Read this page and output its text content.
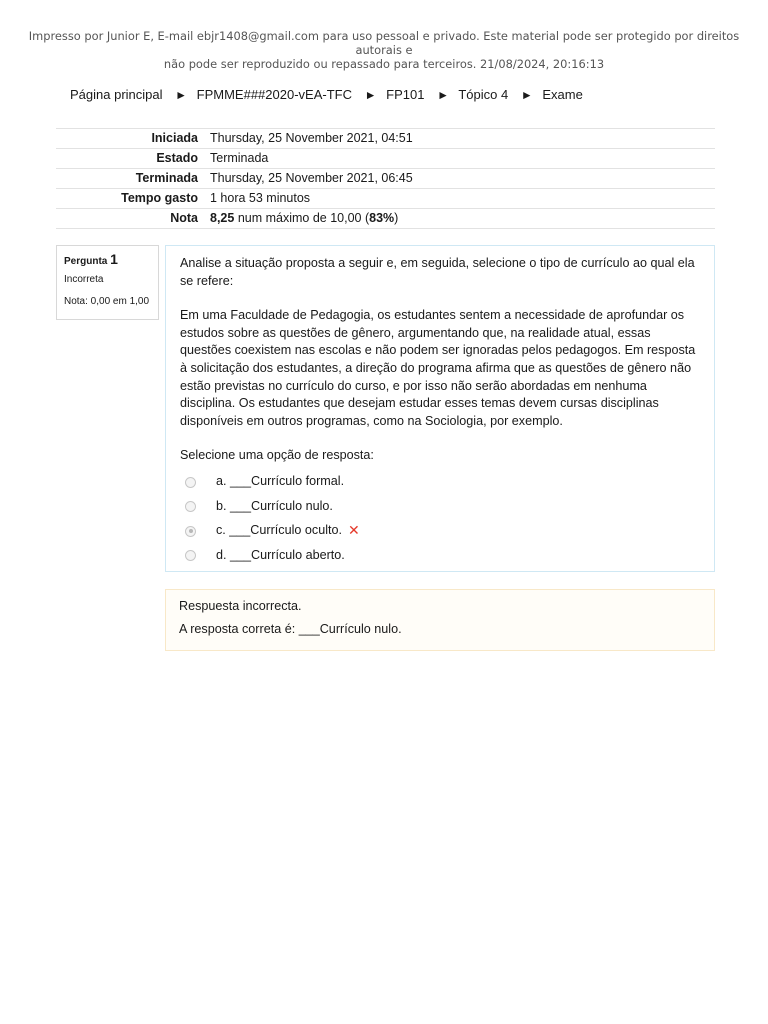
Impresso por Junior E, E-mail ebjr1408@gmail.com para uso pessoal e privado. Este material pode ser protegido por direitos autorais e
não pode ser reproduzido ou repassado para terceiros. 21/08/2024, 20:16:13
Página principal ► FPMME###2020-vEA-TFC ► FP101 ► Tópico 4 ► Exame
Iniciada Thursday, 25 November 2021, 04:51
Estado Terminada
Terminada Thursday, 25 November 2021, 06:45
Tempo gasto 1 hora 53 minutos
Nota 8,25 num máximo de 10,00 (83%)
Pergunta 1
Incorreta
Nota: 0,00 em 1,00

Analise a situação proposta a seguir e, em seguida, selecione o tipo de currículo ao qual ela se refere:

Em uma Faculdade de Pedagogia, os estudantes sentem a necessidade de aprofundar os estudos sobre as questões de gênero, argumentando que, na realidade atual, essas questões coexistem nas escolas e não podem ser ignoradas pelos pedagogos. Em resposta à solicitação dos estudantes, a direção do programa afirma que as questões de gênero não estão previstas no currículo do curso, e por isso não serão abordadas em nenhuma disciplina. Os estudantes que desejam estudar esses temas devem cursas disciplinas disponíveis em outros programas, como na Sociologia, por exemplo.

Selecione uma opção de resposta:
a. ___Currículo formal.
b. ___Currículo nulo.
c. ___Currículo oculto. ✕
d. ___Currículo aberto.
Respuesta incorrecta.
A resposta correta é: ___Currículo nulo.
